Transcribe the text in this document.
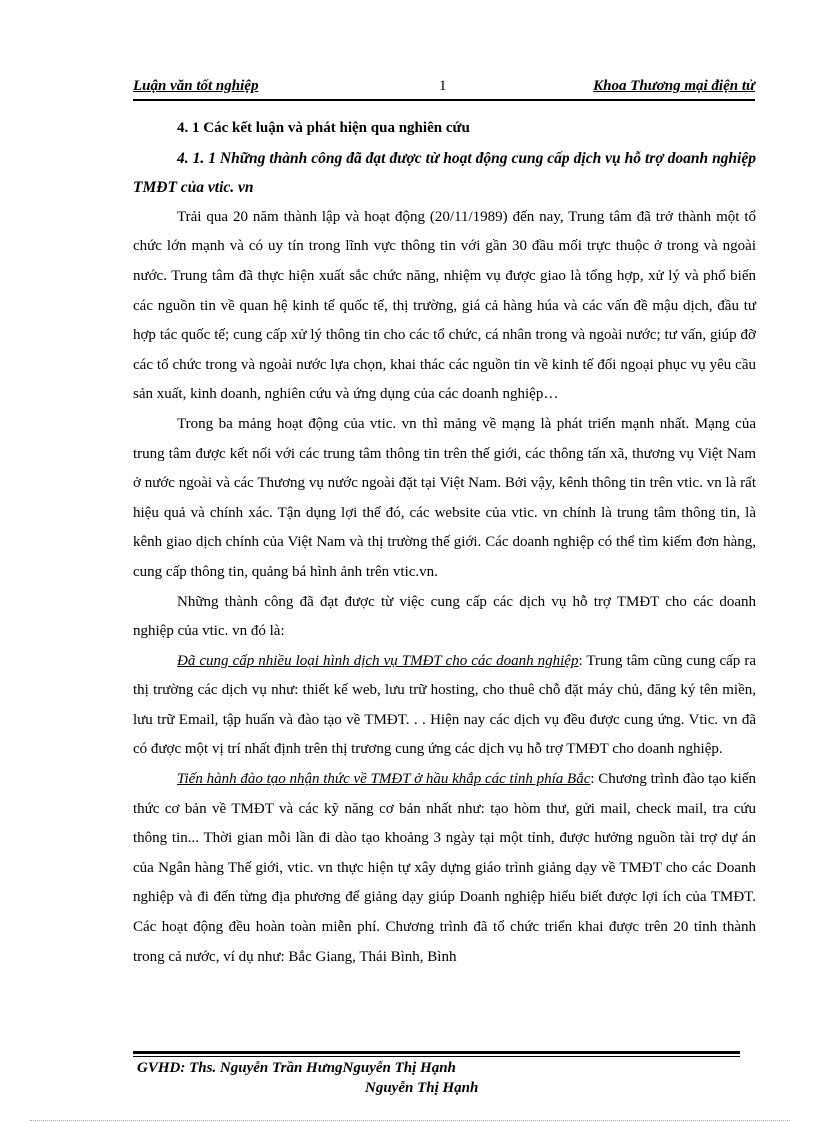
Luận văn tốt nghiệp	1	Khoa Thương mại điện tử
4. 1 Các kết luận và phát hiện qua nghiên cứu
4. 1. 1 Những thành công đã đạt được từ hoạt động cung cấp dịch vụ hỗ trợ doanh nghiệp TMĐT của vtic. vn

Trải qua 20 năm thành lập và hoạt động (20/11/1989) đến nay, Trung tâm đã trở thành một tổ chức lớn mạnh và có uy tín trong lĩnh vực thông tin với gần 30 đầu mối trực thuộc ở trong và ngoài nước. Trung tâm đã thực hiện xuất sắc chức năng, nhiệm vụ được giao là tổng hợp, xử lý và phổ biến các nguồn tin về quan hệ kinh tế quốc tế, thị trường, giá cả hàng húa và các vấn đề mậu dịch, đầu tư hợp tác quốc tế; cung cấp xử lý thông tin cho các tổ chức, cá nhân trong và ngoài nước; tư vấn, giúp đỡ các tổ chức trong và ngoài nước lựa chọn, khai thác các nguồn tin về kinh tế đối ngoại phục vụ yêu cầu sản xuất, kinh doanh, nghiên cứu và ứng dụng của các doanh nghiệp…

Trong ba mảng hoạt động của vtic. vn thì mảng về mạng là phát triển mạnh nhất. Mạng của trung tâm được kết nối với các trung tâm thông tin trên thế giới, các thông tấn xã, thương vụ Việt Nam ở nước ngoài và các Thương vụ nước ngoài đặt tại Việt Nam. Bởi vậy, kênh thông tin trên vtic. vn là rất hiệu quả và chính xác. Tận dụng lợi thế đó, các website của vtic. vn chính là trung tâm thông tin, là kênh giao dịch chính của Việt Nam và thị trường thế giới. Các doanh nghiệp có thể tìm kiếm đơn hàng, cung cấp thông tin, quảng bá hình ảnh trên vtic.vn.

Những thành công đã đạt được từ việc cung cấp các dịch vụ hỗ trợ TMĐT cho các doanh nghiệp của vtic. vn đó là:

Đã cung cấp nhiều loại hình dịch vụ TMĐT cho các doanh nghiệp: Trung tâm cũng cung cấp ra thị trường các dịch vụ như: thiết kế web, lưu trữ hosting, cho thuê chỗ đặt máy chủ, đăng ký tên miền, lưu trữ Email, tập huấn và đào tạo về TMĐT. . . Hiện nay các dịch vụ đều được cung ứng. Vtic. vn đã có được một vị trí nhất định trên thị trương cung ứng các dịch vụ hỗ trợ TMĐT cho doanh nghiệp.

Tiến hành đào tạo nhận thức về TMĐT ở hầu khắp các tỉnh phía Bắc: Chương trình đào tạo kiến thức cơ bản về TMĐT và các kỹ năng cơ bản nhất như: tạo hòm thư, gửi mail, check mail, tra cứu thông tin... Thời gian mỗi lần đi dào tạo khoảng 3 ngày tại một tỉnh, được hưởng nguồn tài trợ dự án của Ngân hàng Thế giới, vtic. vn thực hiện tự xây dựng giáo trình giảng dạy về TMĐT cho các Doanh nghiệp và đi đến từng địa phương để giảng dạy giúp Doanh nghiệp hiểu biết được lợi ích của TMĐT. Các hoạt động đều hoàn toàn miễn phí. Chương trình đã tổ chức triển khai được trên 20 tỉnh thành trong cả nước, ví dụ như: Bắc Giang, Thái Bình, Bình

GVHD: Ths. Nguyễn Trần HưngNguyễn Thị Hạnh
Nguyễn Thị Hạnh
